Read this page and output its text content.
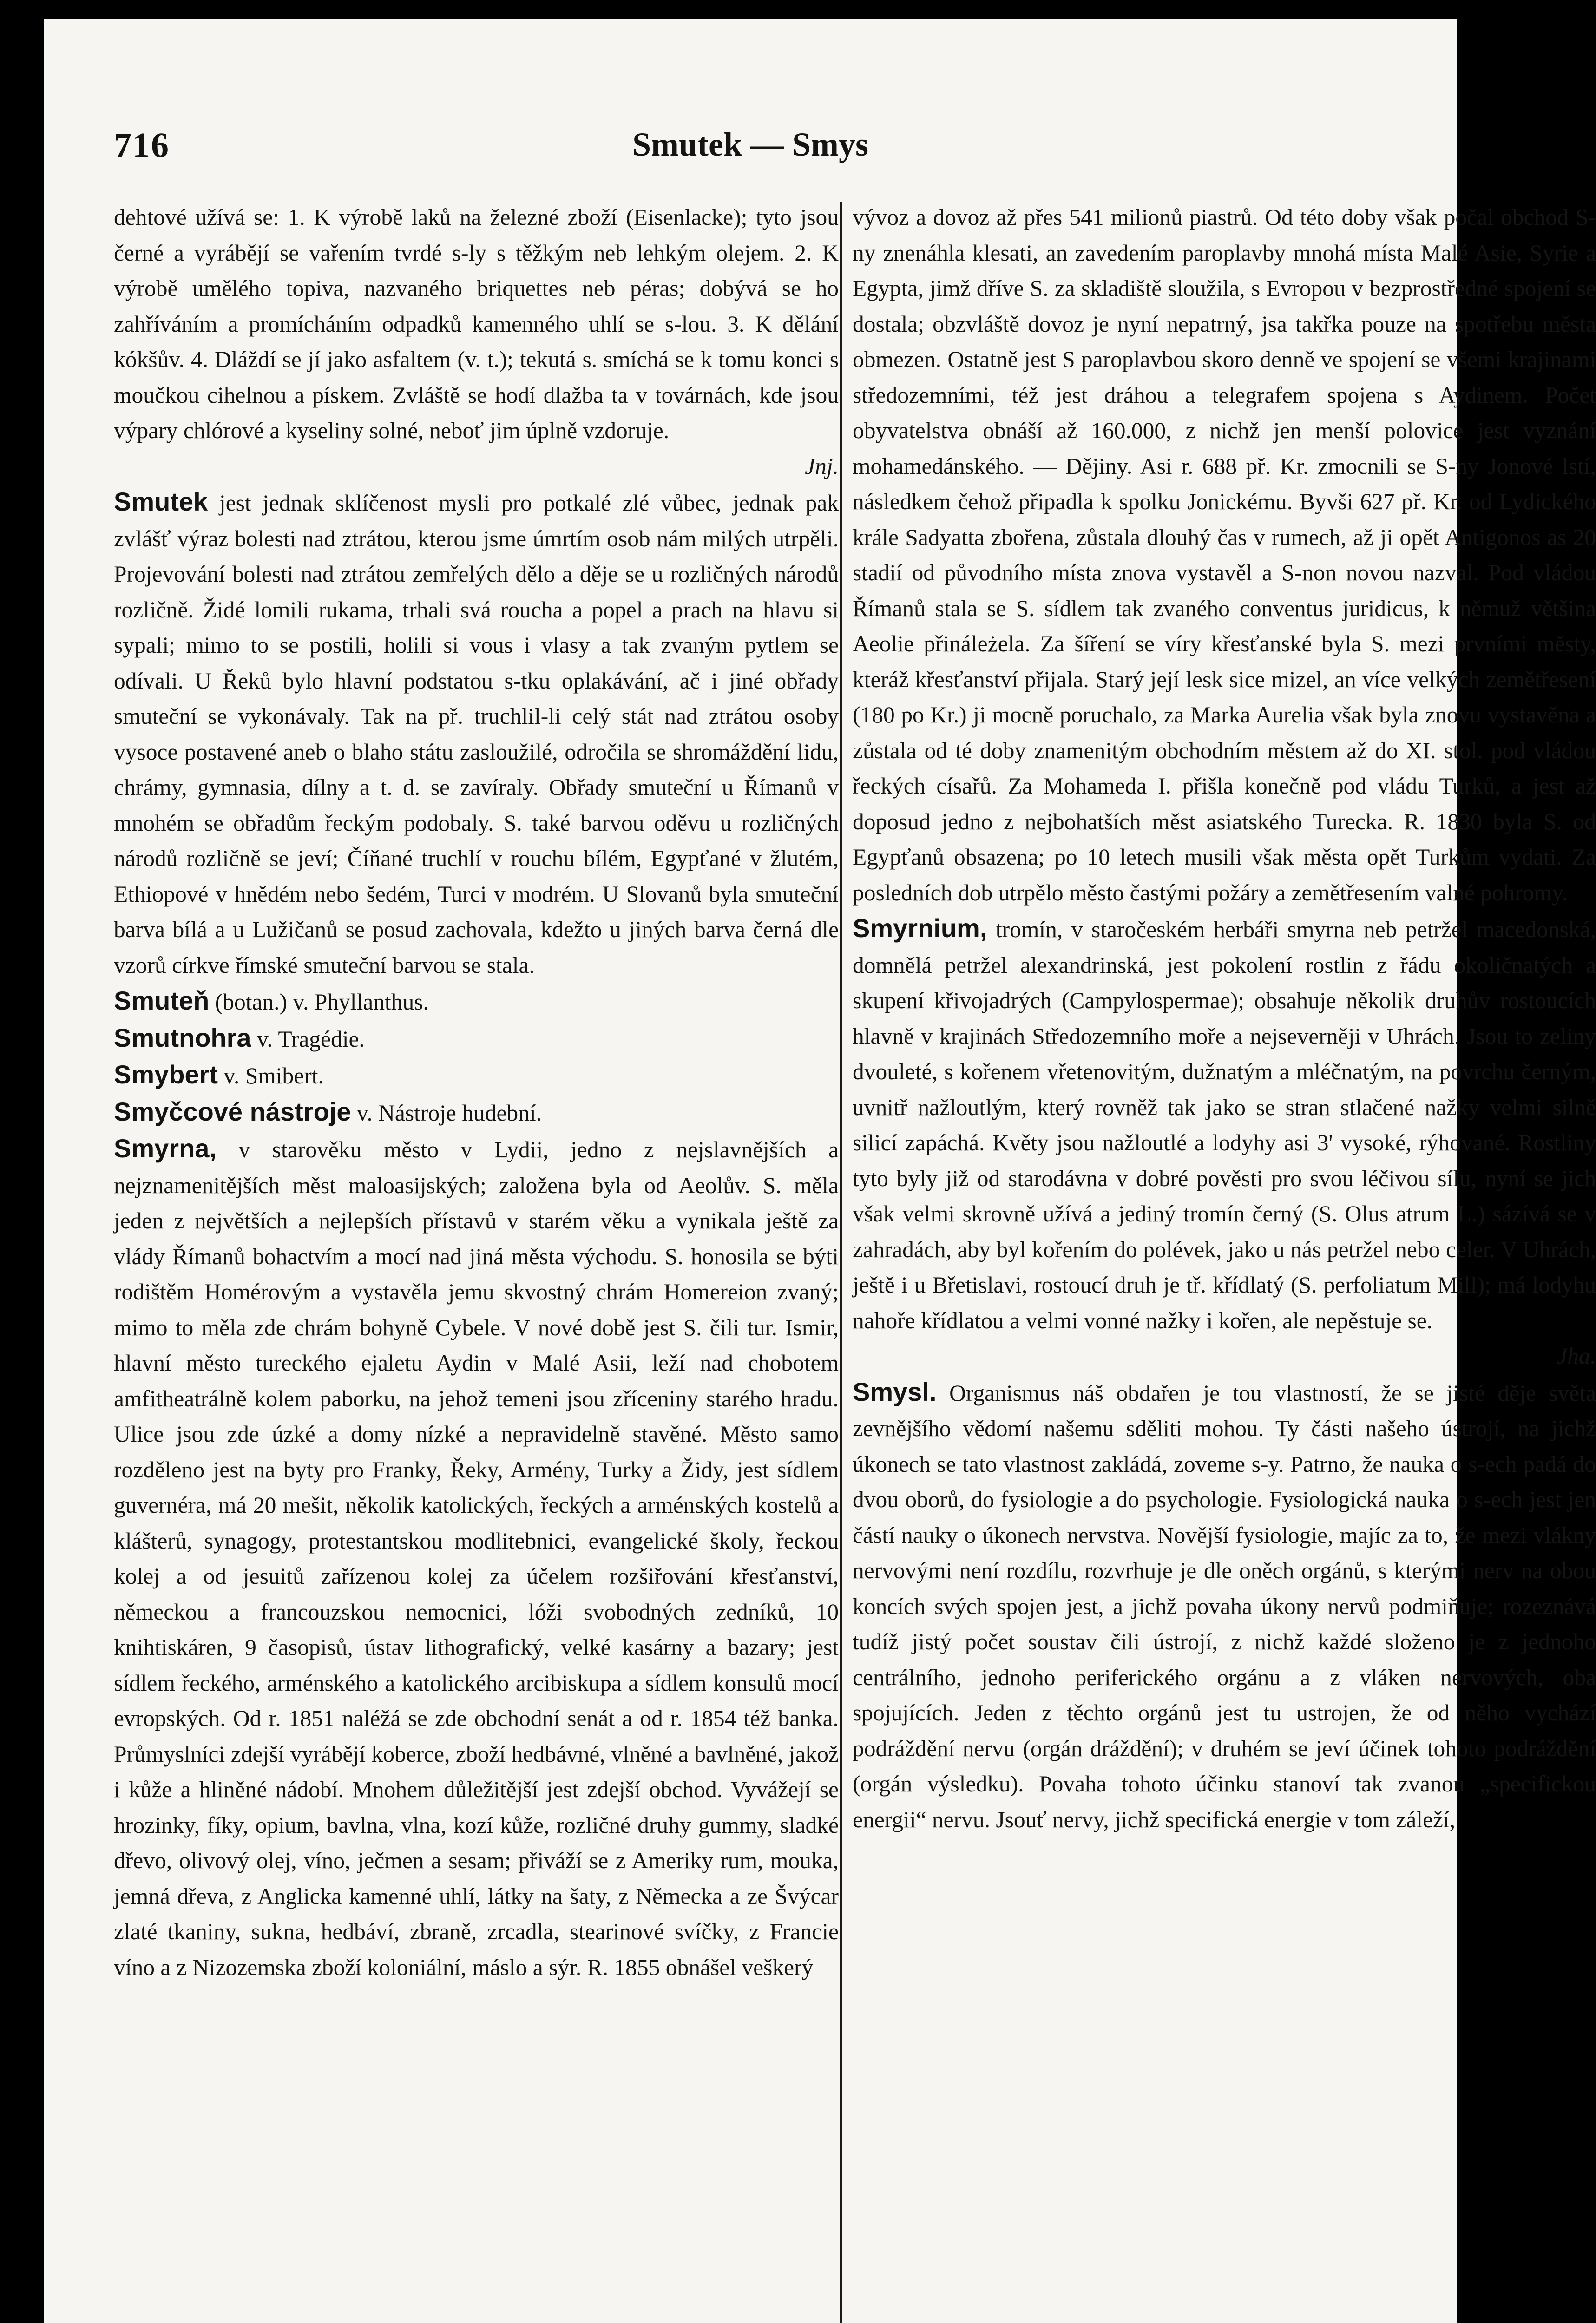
716	Smutek — Smys

dehtové užívá se: 1. K výrobě laků na železné zboží (Eisenlacke); tyto jsou černé a vyrábějí se vařením tvrdé s-ly s těžkým neb lehkým olejem. 2. K výrobě umělého topiva, nazvaného briquettes neb péras; dobývá se ho zahříváním a promícháním odpadků kamenného uhlí se s-lou. 3. K dělání kókšův. 4. Dláždí se jí jako asfaltem (v. t.); tekutá s. smíchá se k tomu konci s moučkou cihelnou a pískem. Zvláště se hodí dlažba ta v továrnách, kde jsou výpary chlórové a kyseliny solné, neboť jim úplně vzdoruje.
Jnj.

Smutek jest jednak sklíčenost mysli pro potkalé zlé vůbec, jednak pak zvlášť výraz bolesti nad ztrátou, kterou jsme úmrtím osob nám milých utrpěli. Projevování bolesti nad ztrátou zemřelých dělo a děje se u rozličných národů rozličně. Židé lomili rukama, trhali svá roucha a popel a prach na hlavu si sypali; mimo to se postili, holili si vous i vlasy a tak zvaným pytlem se odívali. U Řeků bylo hlavní podstatou s-tku oplakávání, ač i jiné obřady smuteční se vykonávaly. Tak na př. truchlil-li celý stát nad ztrátou osoby vysoce postavené aneb o blaho státu zasloužilé, odročila se shromáždění lidu, chrámy, gymnasia, dílny a t. d. se zavíraly. Obřady smuteční u Římanů v mnohém se obřadům řeckým podobaly. S. také barvou oděvu u rozličných národů rozličně se jeví; Číňané truchlí v rouchu bílém, Egypťané v žlutém, Ethiopové v hnědém nebo šedém, Turci v modrém. U Slovanů byla smuteční barva bílá a u Lužičanů se posud zachovala, kdežto u jiných barva černá dle vzorů církve římské smuteční barvou se stala.

Smuteň (botan.) v. Phyllanthus.

Smutnohra v. Tragédie.

Smybert v. Smibert.

Smyčcové nástroje v. Nástroje hudební.

Smyrna, v starověku město v Lydii, jedno z nejslavnějších a nejznamenitějších měst maloasijských; založena byla od Aeolův. S. měla jeden z největších a nejlepších přístavů v starém věku a vynikala ještě za vlády Římanů bohactvím a mocí nad jiná města východu. S. honosila se býti rodištěm Homérovým a vystavěla jemu skvostný chrám Homereion zvaný; mimo to měla zde chrám bohyně Cybele. V nové době jest S. čili tur. Ismir, hlavní město tureckého ejaletu Aydin v Malé Asii, leží nad chobotem amfitheatrálně kolem paborku, na jehož temeni jsou zříceniny starého hradu. Ulice jsou zde úzké a domy nízké a nepravidelně stavěné. Město samo rozděleno jest na byty pro Franky, Řeky, Armény, Turky a Židy, jest sídlem guvernéra, má 20 mešit, několik katolických, řeckých a arménských kostelů a klášterů, synagogy, protestantskou modlitebnici, evangelické školy, řeckou kolej a od jesuitů zařízenou kolej za účelem rozšiřování křesťanství, německou a francouzskou nemocnici, lóži svobodných zedníků, 10 knihtiskáren, 9 časopisů, ústav lithografický, velké kasárny a bazary; jest sídlem řeckého, arménského a katolického arcibiskupa a sídlem konsulů mocí evropských. Od r. 1851 naléžá se zde obchodní senát a od r. 1854 též banka. Průmyslníci zdejší vyrábějí koberce, zboží hedbávné, vlněné a bavlněné, jakož i kůže a hliněné nádobí. Mnohem důležitější jest zdejší obchod. Vyvážejí se hrozinky, fíky, opium, bavlna, vlna, kozí kůže, rozličné druhy gummy, sladké dřevo, olivový olej, víno, ječmen a sesam; přiváží se z Ameriky rum, mouka, jemná dřeva, z Anglicka kamenné uhlí, látky na šaty, z Německa a ze Švýcar zlaté tkaniny, sukna, hedbáví, zbraně, zrcadla, stearinové svíčky, z Francie víno a z Nizozemska zboží koloniální, máslo a sýr. R. 1855 obnášel veškerý

vývoz a dovoz až přes 541 milionů piastrů. Od této doby však počal obchod S-ny znenáhla klesati, an zavedením paroplavby mnohá místa Malé Asie, Syrie a Egypta, jimž dříve S. za skladiště sloužila, s Evropou v bezprostředné spojení se dostala; obzvláště dovoz je nyní nepatrný, jsa takřka pouze na spotřebu města obmezen. Ostatně jest S paroplavbou skoro denně ve spojení se všemi krajinami středozemními, též jest dráhou a telegrafem spojena s Aydinem. Počet obyvatelstva obnáší až 160.000, z nichž jen menší polovice jest vyznání mohamedánského. — Dějiny. Asi r. 688 př. Kr. zmocnili se S-ny Jonové lstí, následkem čehož připadla k spolku Jonickému. Byvši 627 př. Kr. od Lydického krále Sadyatta zbořena, zůstala dlouhý čas v rumech, až ji opět Antigonos as 20 stadií od původního místa znova vystavěl a S-non novou nazval. Pod vládou Římanů stala se S. sídlem tak zvaného conventus juridicus, k němuž většina Aeolie přináleżela. Za šíření se víry křesťanské byla S. mezi prvními městy, kteráž křesťanství přijala. Starý její lesk sice mizel, an více velkých zemětřesení (180 po Kr.) ji mocně poruchalo, za Marka Aurelia však byla znovu vystavěna a zůstala od té doby znamenitým obchodním městem až do XI. stol. pod vládou řeckých císařů. Za Mohameda I. přišla konečně pod vládu Turků, a jest až doposud jedno z nejbohatších měst asiatského Turecka. R. 1830 byla S. od Egypťanů obsazena; po 10 letech musili však města opět Turkům vydati. Za posledních dob utrpělo město častými požáry a zemětřesením valné pohromy.

Smyrnium, tromín, v staročeském herbáři smyrna neb petržel macedonská, domnělá petržel alexandrinská, jest pokolení rostlin z řádu okoličnatých a skupení křivojadrých (Campylospermae); obsahuje několik druhův rostoucích hlavně v krajinách Středozemního moře a nejseverněji v Uhrách. Jsou to zeliny dvouleté, s kořenem vřetenovitým, dužnatým a mléčnatým, na povrchu černým, uvnitř nažloutlým, který rovněž tak jako se stran stlačené nažky velmi silně silicí zapáchá. Květy jsou nažloutlé a lodyhy asi 3' vysoké, rýhované. Rostliny tyto byly již od starodávna v dobré pověsti pro svou léčivou sílu, nyní se jich však velmi skrovně užívá a jediný tromín černý (S. Olus atrum L.) sázívá se v zahradách, aby byl kořením do polévek, jako u nás petržel nebo celer. V Uhrách, ještě i u Břetislavi, rostoucí druh je tř. křídlatý (S. perfoliatum Mill); má lodyhu nahoře křídlatou a velmi vonné nažky i kořen, ale nepěstuje se.
Jha.

Smysl. Organismus náš obdařen je tou vlastností, že se jisté děje světa zevnějšího vědomí našemu sděliti mohou. Ty části našeho ústrojí, na jichž úkonech se tato vlastnost zakládá, zoveme s-y. Patrno, že nauka o s-ech padá do dvou oborů, do fysiologie a do psychologie. Fysiologická nauka o s-ech jest jen částí nauky o úkonech nervstva. Novější fysiologie, majíc za to, že mezi vlákny nervovými není rozdílu, rozvrhuje je dle oněch orgánů, s kterými nerv na obou koncích svých spojen jest, a jichž povaha úkony nervů podmiňuje; rozeznává tudíž jistý počet soustav čili ústrojí, z nichž každé složeno je z jednoho centrálního, jednoho periferického orgánu a z vláken nervových, oba spojujících. Jeden z těchto orgánů jest tu ustrojen, že od něho vychází podráždění nervu (orgán dráždění); v druhém se jeví účinek tohoto podráždění (orgán výsledku). Povaha tohoto účinku stanoví tak zvanou „specifickou energii“ nervu. Jsouť nervy, jichž specifická energie v tom záleží,
